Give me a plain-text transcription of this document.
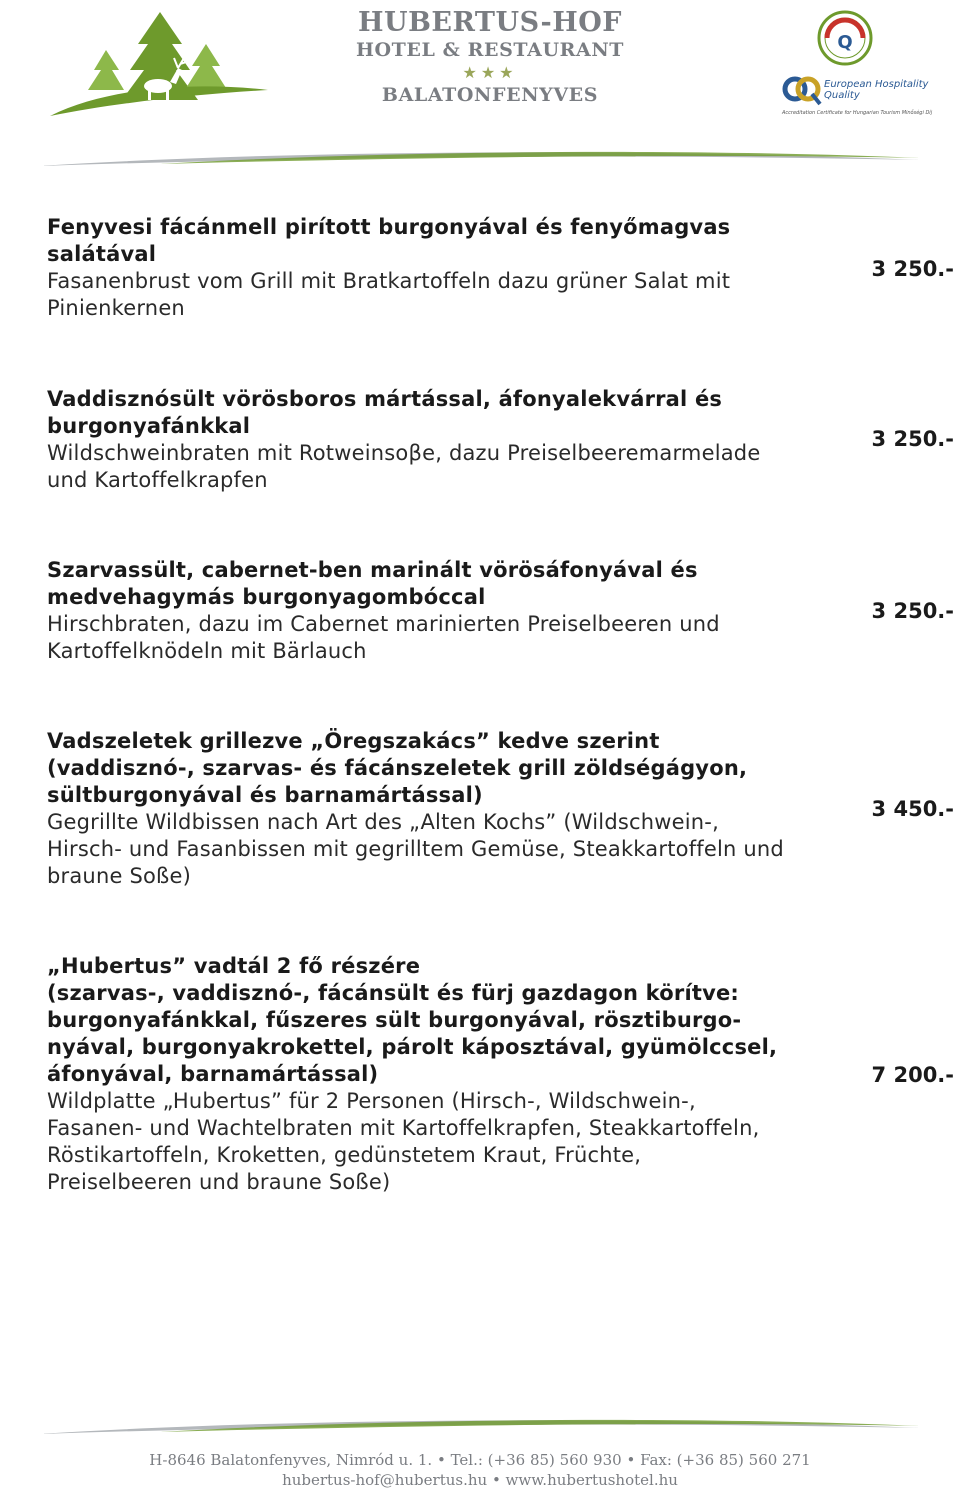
HUBERTUS-HOF
HOTEL & RESTAURANT
★★★
BALATONFENYVES
Q
European Hospitality Quality
Accreditation Certificate for Hungarian Tourism Minőségi Díj
Fenyvesi fácánmell pirított burgonyával és fenyőmagvas
salátával
Fasanenbrust vom Grill mit Bratkartoffeln dazu grüner Salat mit
Pinienkernen
3 250.-
Vaddisznósült vörösboros mártással, áfonyalekvárral és
burgonyafánkkal
Wildschweinbraten mit Rotweinsoβe, dazu Preiselbeeremarmelade
und Kartoffelkrapfen
3 250.-
Szarvassült, cabernet-ben marinált vörösáfonyával és
medvehagymás burgonyagombóccal
Hirschbraten, dazu im Cabernet marinierten Preiselbeeren und
Kartoffelknödeln mit Bärlauch
3 250.-
Vadszeletek grillezve „Öregszakács” kedve szerint
(vaddisznó-, szarvas- és fácánszeletek grill zöldségágyon,
sültburgonyával és barnamártással)
Gegrillte Wildbissen nach Art des „Alten Kochs” (Wildschwein-,
Hirsch- und Fasanbissen mit gegrilltem Gemüse, Steakkartoffeln und
braune Soße)
3 450.-
„Hubertus” vadtál 2 fő részére
(szarvas-, vaddisznó-, fácánsült és fürj gazdagon körítve:
burgonyafánkkal, fűszeres sült burgonyával, rösztiburgo-
nyával, burgonyakrokettel, párolt káposztával, gyümölccsel,
áfonyával, barnamártással)
Wildplatte „Hubertus” für 2 Personen (Hirsch-, Wildschwein-,
Fasanen- und Wachtelbraten mit Kartoffelkrapfen, Steakkartoffeln,
Röstikartoffeln, Kroketten, gedünstetem Kraut, Früchte,
Preiselbeeren und braune Soße)
7 200.-
H-8646 Balatonfenyves, Nimród u. 1. • Tel.: (+36 85) 560 930 • Fax: (+36 85) 560 271
hubertus-hof@hubertus.hu • www.hubertushotel.hu
